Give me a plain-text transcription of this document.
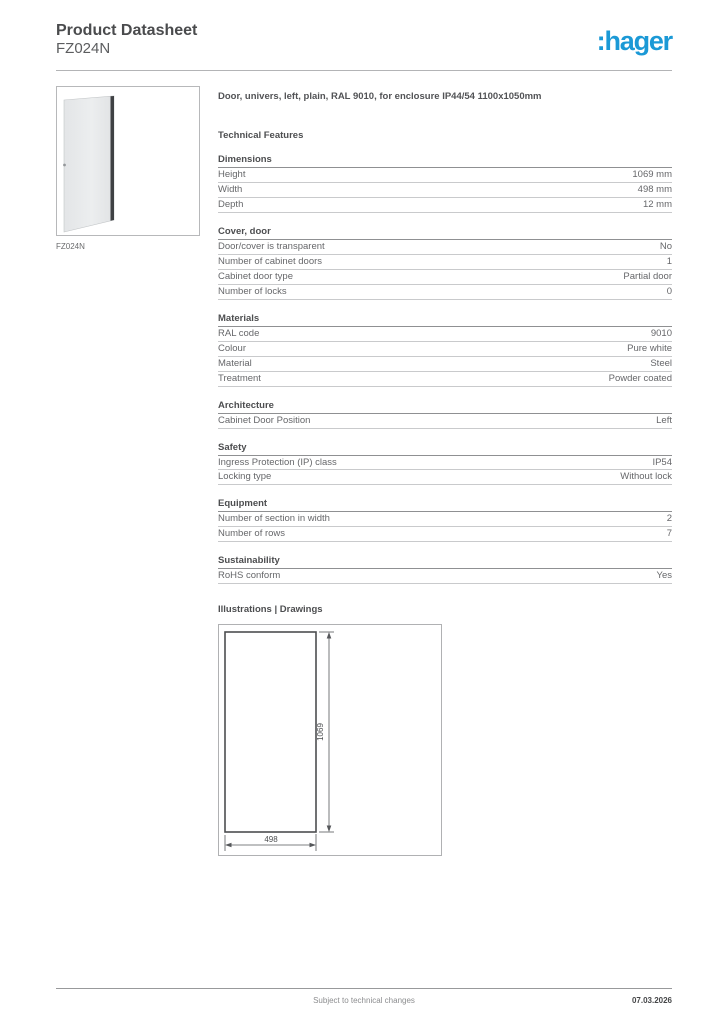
Product Datasheet
FZ024N	:hager
FZ024N
Door, univers, left, plain, RAL 9010, for enclosure IP44/54 1100x1050mm
Technical Features
Dimensions
Height	1069 mm
Width	498 mm
Depth	12 mm
Cover, door
Door/cover is transparent	No
Number of cabinet doors	1
Cabinet door type	Partial door
Number of locks	0
Materials
RAL code	9010
Colour	Pure white
Material	Steel
Treatment	Powder coated
Architecture
Cabinet Door Position	Left
Safety
Ingress Protection (IP) class	IP54
Locking type	Without lock
Equipment
Number of section in width	2
Number of rows	7
Sustainability
RoHS conform	Yes
Illustrations | Drawings
1069
498
Subject to technical changes	07.03.2026
